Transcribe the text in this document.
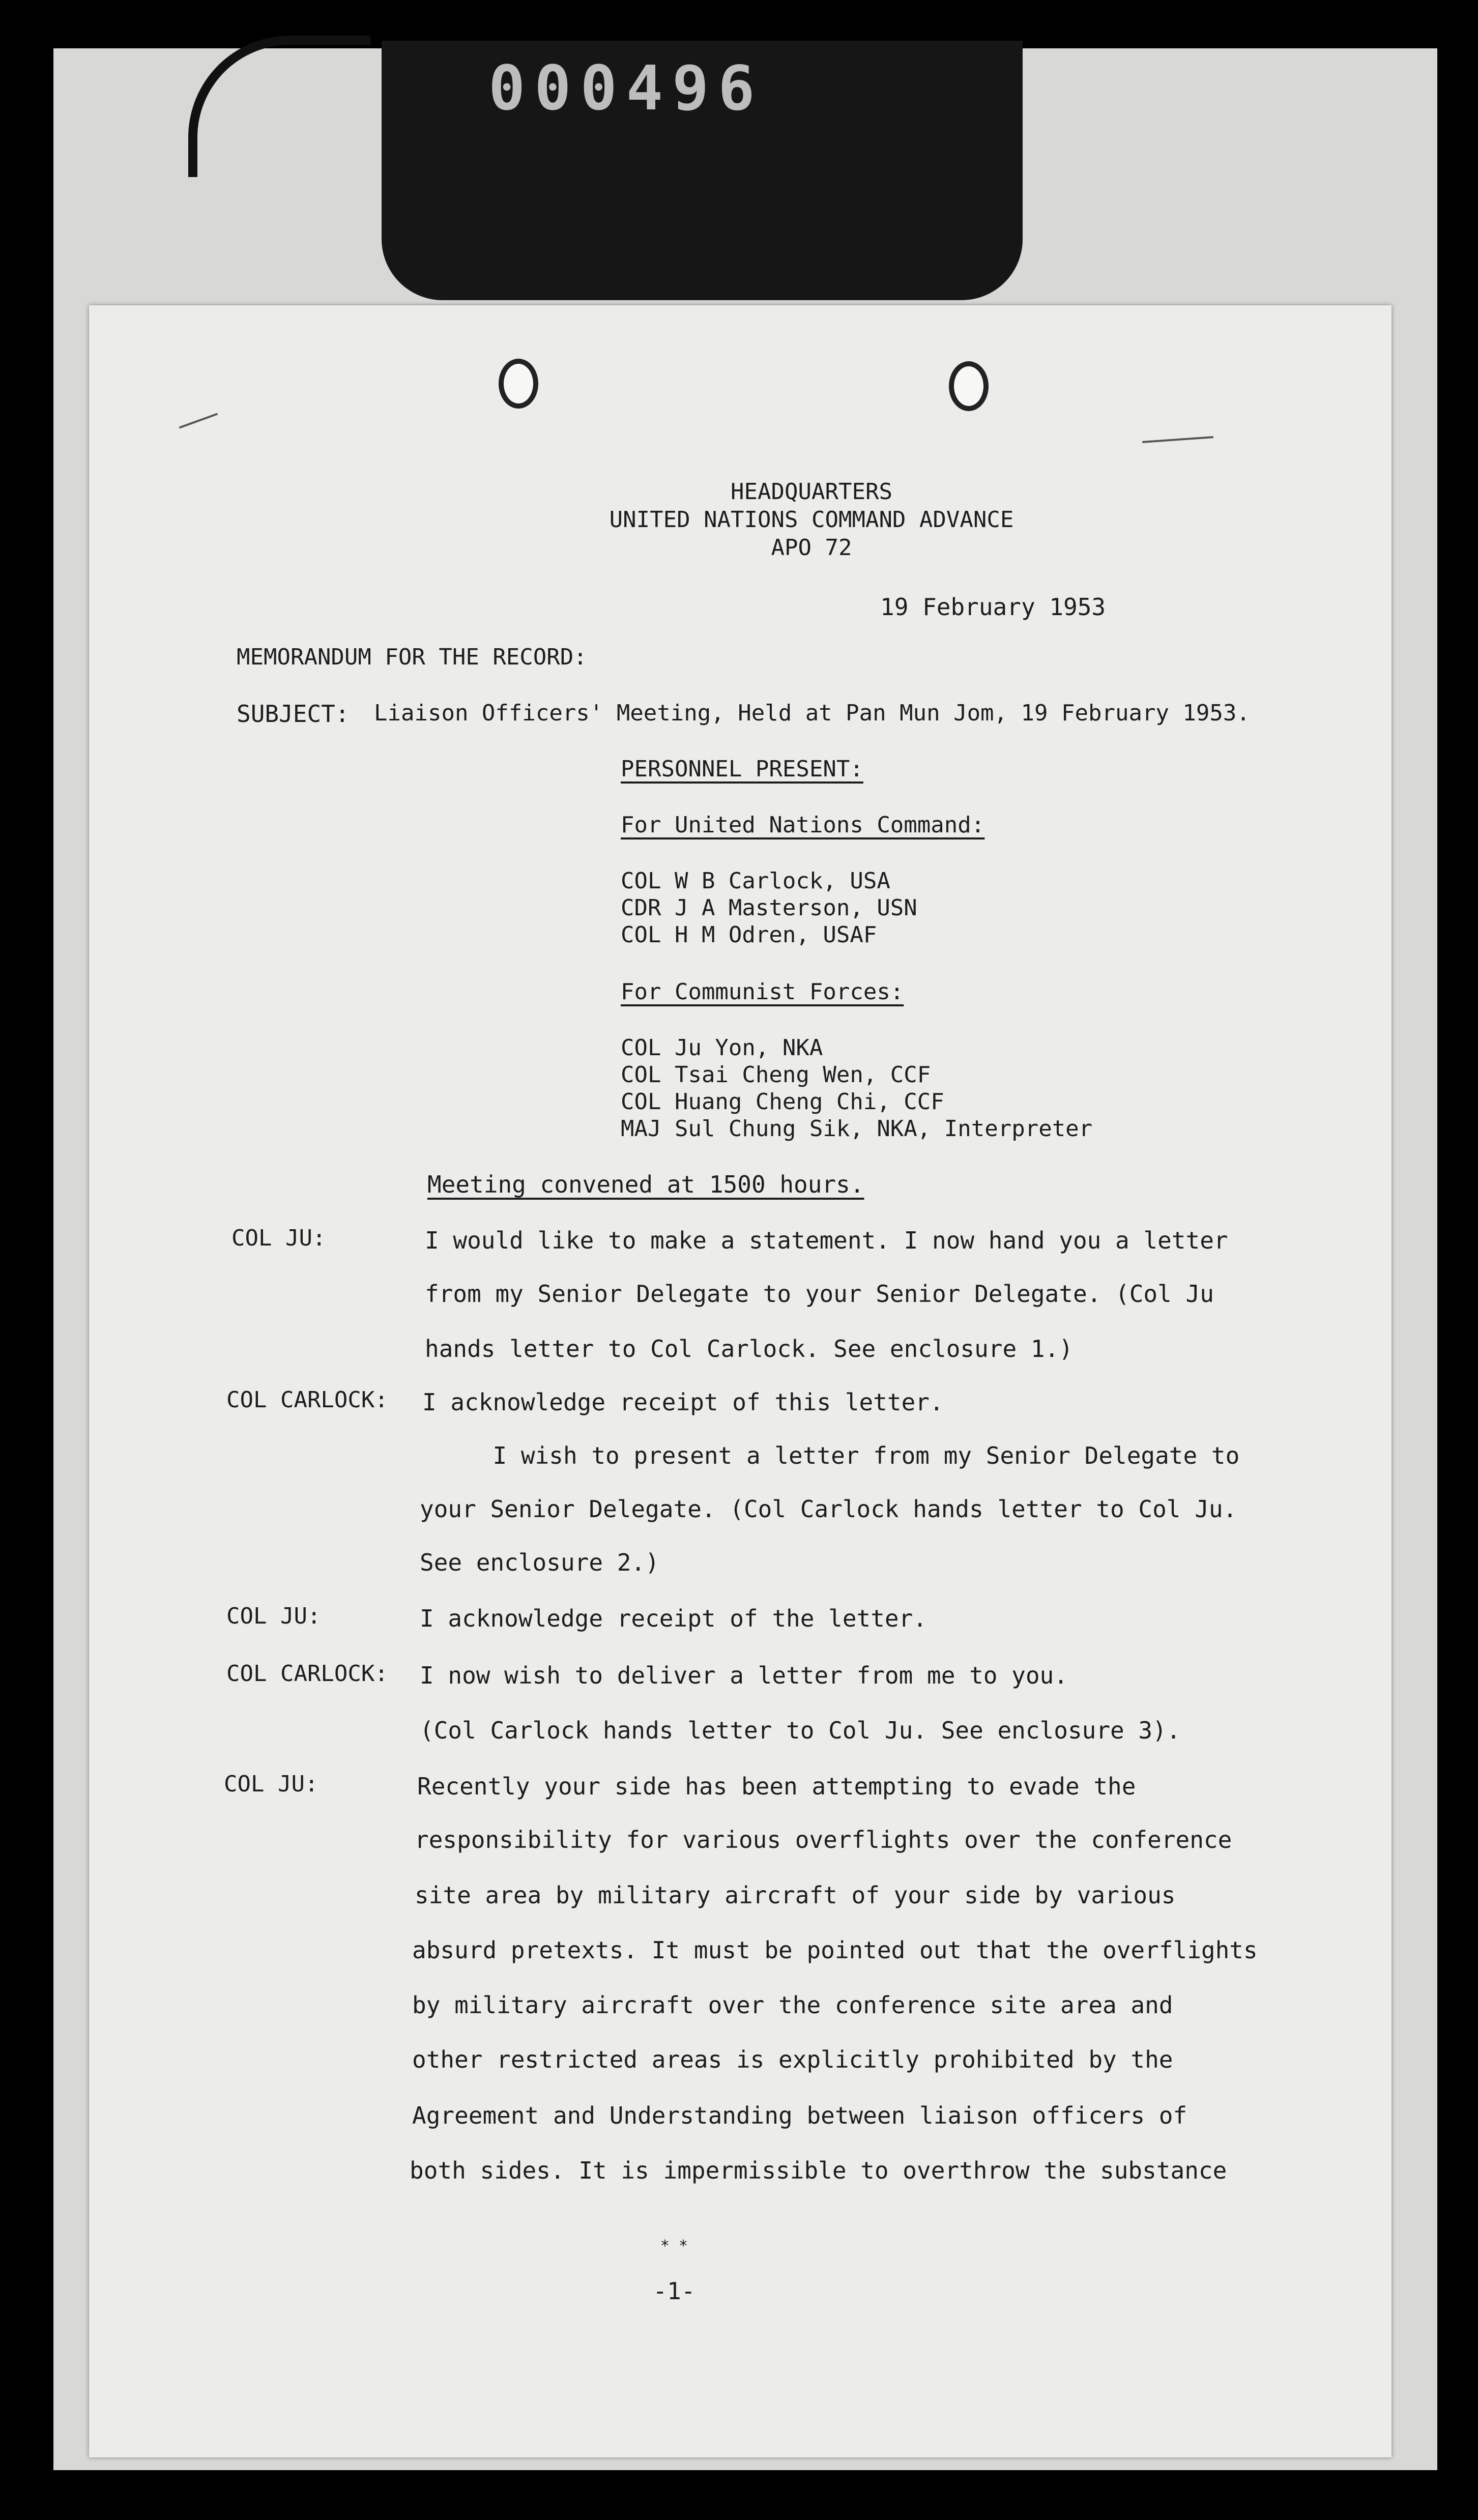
000496
HEADQUARTERS
UNITED NATIONS COMMAND ADVANCE
APO 72
19 February 1953
MEMORANDUM FOR THE RECORD:
SUBJECT: Liaison Officers' Meeting, Held at Pan Mun Jom, 19 February 1953.
PERSONNEL PRESENT:
For United Nations Command:
COL W B Carlock, USA
CDR J A Masterson, USN
COL H M Odren, USAF
For Communist Forces:
COL Ju Yon, NKA
COL Tsai Cheng Wen, CCF
COL Huang Cheng Chi, CCF
MAJ Sul Chung Sik, NKA, Interpreter
Meeting convened at 1500 hours.
COL JU:	I would like to make a statement. I now hand you a letter
from my Senior Delegate to your Senior Delegate. (Col Ju
hands letter to Col Carlock. See enclosure 1.)
COL CARLOCK: I acknowledge receipt of this letter.
I wish to present a letter from my Senior Delegate to
your Senior Delegate. (Col Carlock hands letter to Col Ju.
See enclosure 2.)
COL JU:	I acknowledge receipt of the letter.
COL CARLOCK: I now wish to deliver a letter from me to you.
(Col Carlock hands letter to Col Ju. See enclosure 3).
COL JU:	Recently your side has been attempting to evade the
responsibility for various overflights over the conference
site area by military aircraft of your side by various
absurd pretexts. It must be pointed out that the overflights
by military aircraft over the conference site area and
other restricted areas is explicitly prohibited by the
Agreement and Understanding between liaison officers of
both sides. It is impermissible to overthrow the substance
* *
-1-
